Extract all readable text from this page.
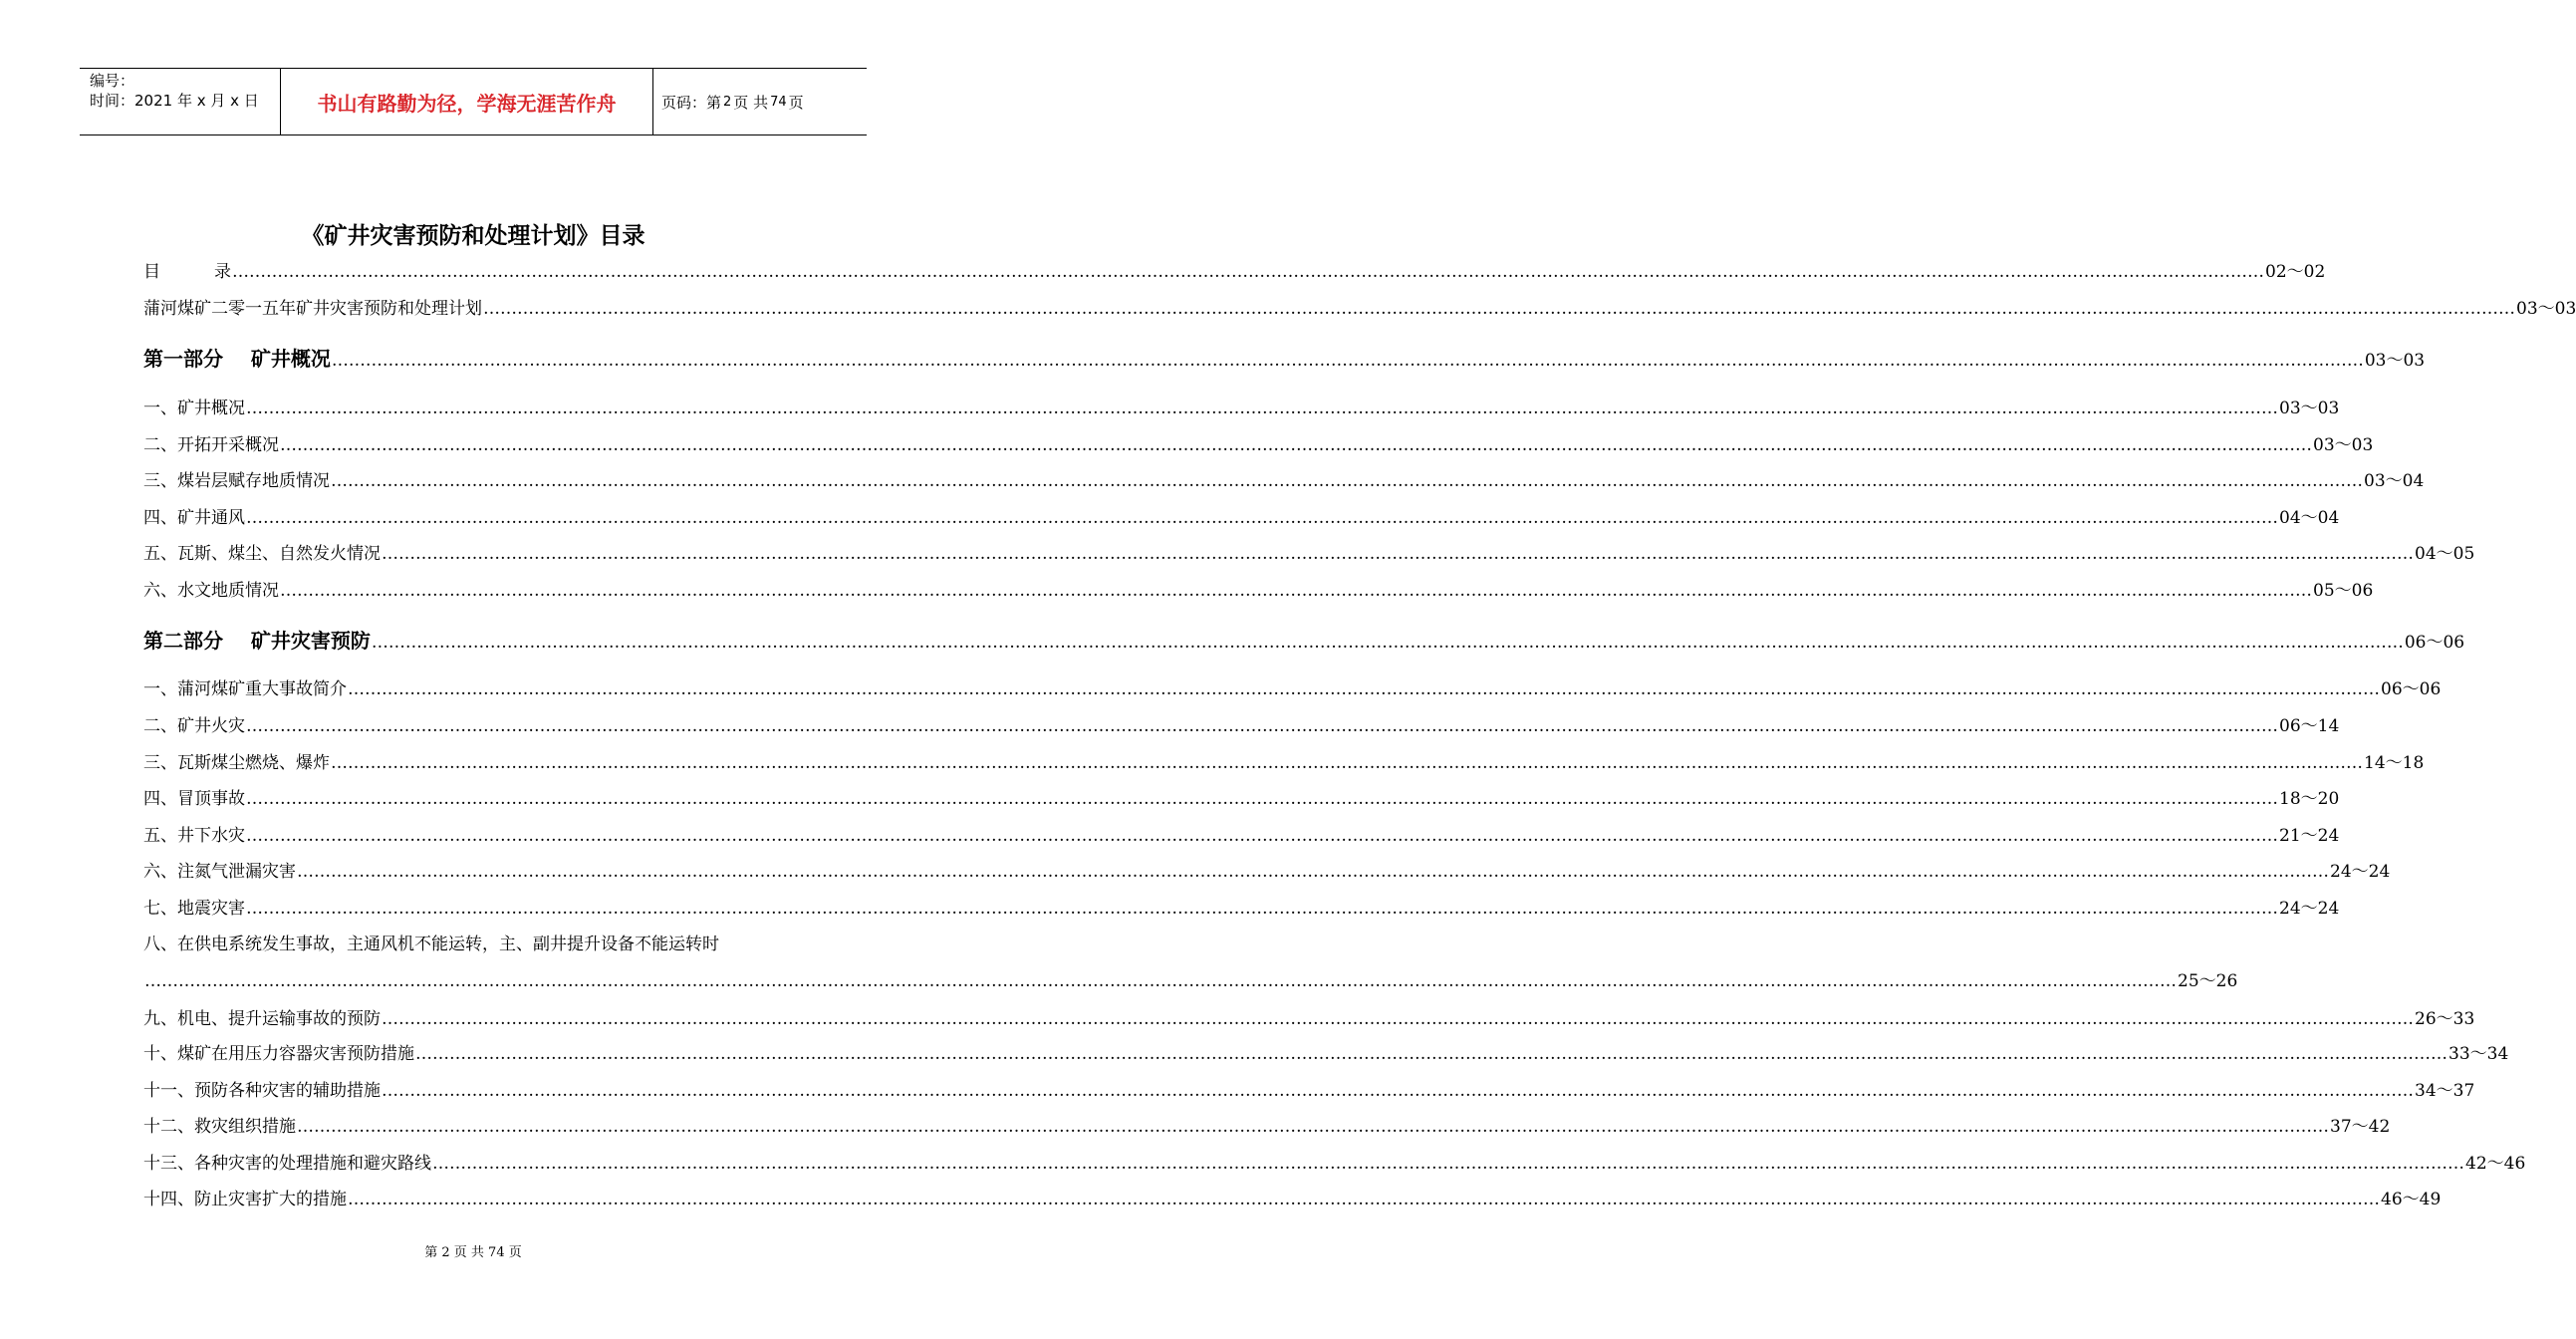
编号：
时间：2021 年 x 月 x 日	书山有路勤为径，学海无涯苦作舟	页码：第 2 页 共 74 页
《矿井灾害预防和处理计划》目录
目          录 ……………………………………………………………………………………………………………………………………………………………………………………………………………………………………………………………………………………………………………………………… 02～02
蒲河煤矿二零一五年矿井灾害预防和处理计划 ……………………………………………………………………………………………………………………………………………………………………………………………………………………………………………………………………………………………………………………………… 03～03
第一部分    矿井概况 ……………………………………………………………………………………………………………………………………………………………………………………………………………………………………………………………………………………………………………………………… 03～03
一、矿井概况 ……………………………………………………………………………………………………………………………………………………………………………………………………………………………………………………………………………………………………………………………… 03～03
二、开拓开采概况 ……………………………………………………………………………………………………………………………………………………………………………………………………………………………………………………………………………………………………………………………… 03～03
三、煤岩层赋存地质情况 ……………………………………………………………………………………………………………………………………………………………………………………………………………………………………………………………………………………………………………………………… 03～04
四、矿井通风 ……………………………………………………………………………………………………………………………………………………………………………………………………………………………………………………………………………………………………………………………… 04～04
五、瓦斯、煤尘、自然发火情况 ……………………………………………………………………………………………………………………………………………………………………………………………………………………………………………………………………………………………………………………………… 04～05
六、水文地质情况 ……………………………………………………………………………………………………………………………………………………………………………………………………………………………………………………………………………………………………………………………… 05～06
第二部分    矿井灾害预防 ……………………………………………………………………………………………………………………………………………………………………………………………………………………………………………………………………………………………………………………………… 06～06
一、蒲河煤矿重大事故简介 ……………………………………………………………………………………………………………………………………………………………………………………………………………………………………………………………………………………………………………………………… 06～06
二、矿井火灾 ……………………………………………………………………………………………………………………………………………………………………………………………………………………………………………………………………………………………………………………………… 06～14
三、瓦斯煤尘燃烧、爆炸 ……………………………………………………………………………………………………………………………………………………………………………………………………………………………………………………………………………………………………………………………… 14～18
四、冒顶事故 ……………………………………………………………………………………………………………………………………………………………………………………………………………………………………………………………………………………………………………………………… 18～20
五、井下水灾 ……………………………………………………………………………………………………………………………………………………………………………………………………………………………………………………………………………………………………………………………… 21～24
六、注氮气泄漏灾害 ……………………………………………………………………………………………………………………………………………………………………………………………………………………………………………………………………………………………………………………………… 24～24
七、地震灾害 ……………………………………………………………………………………………………………………………………………………………………………………………………………………………………………………………………………………………………………………………… 24～24
八、在供电系统发生事故，主通风机不能运转，主、副井提升设备不能运转时
……………………………………………………………………………………………………………………………………………………………………………………………………………………………………………………………………………………………………………………………… 25～26
九、机电、提升运输事故的预防 ……………………………………………………………………………………………………………………………………………………………………………………………………………………………………………………………………………………………………………………………… 26～33
十、煤矿在用压力容器灾害预防措施 ……………………………………………………………………………………………………………………………………………………………………………………………………………………………………………………………………………………………………………………………… 33～34
十一、预防各种灾害的辅助措施 ……………………………………………………………………………………………………………………………………………………………………………………………………………………………………………………………………………………………………………………………… 34～37
十二、救灾组织措施 ……………………………………………………………………………………………………………………………………………………………………………………………………………………………………………………………………………………………………………………………… 37～42
十三、各种灾害的处理措施和避灾路线 ……………………………………………………………………………………………………………………………………………………………………………………………………………………………………………………………………………………………………………………………… 42～46
十四、防止灾害扩大的措施 ……………………………………………………………………………………………………………………………………………………………………………………………………………………………………………………………………………………………………………………………… 46～49
第 2 页 共 74 页
